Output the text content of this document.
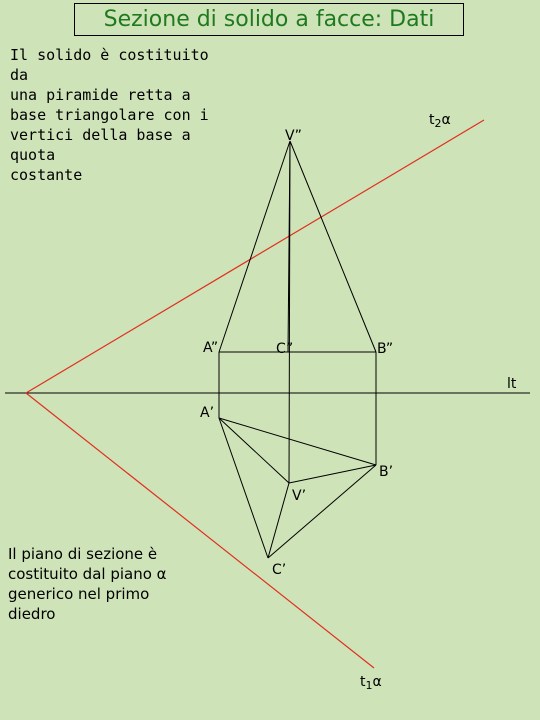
Sezione di solido a facce: Dati
Il solido è costituito da
una piramide retta a
base triangolare con i
vertici della base a quota
costante
Il piano di sezione è
costituito dal piano α
generico nel primo
diedro
$t_2\alpha$
V”
A”	C”	B”
lt
A’
B’
V’
C’
$t_1\alpha$
